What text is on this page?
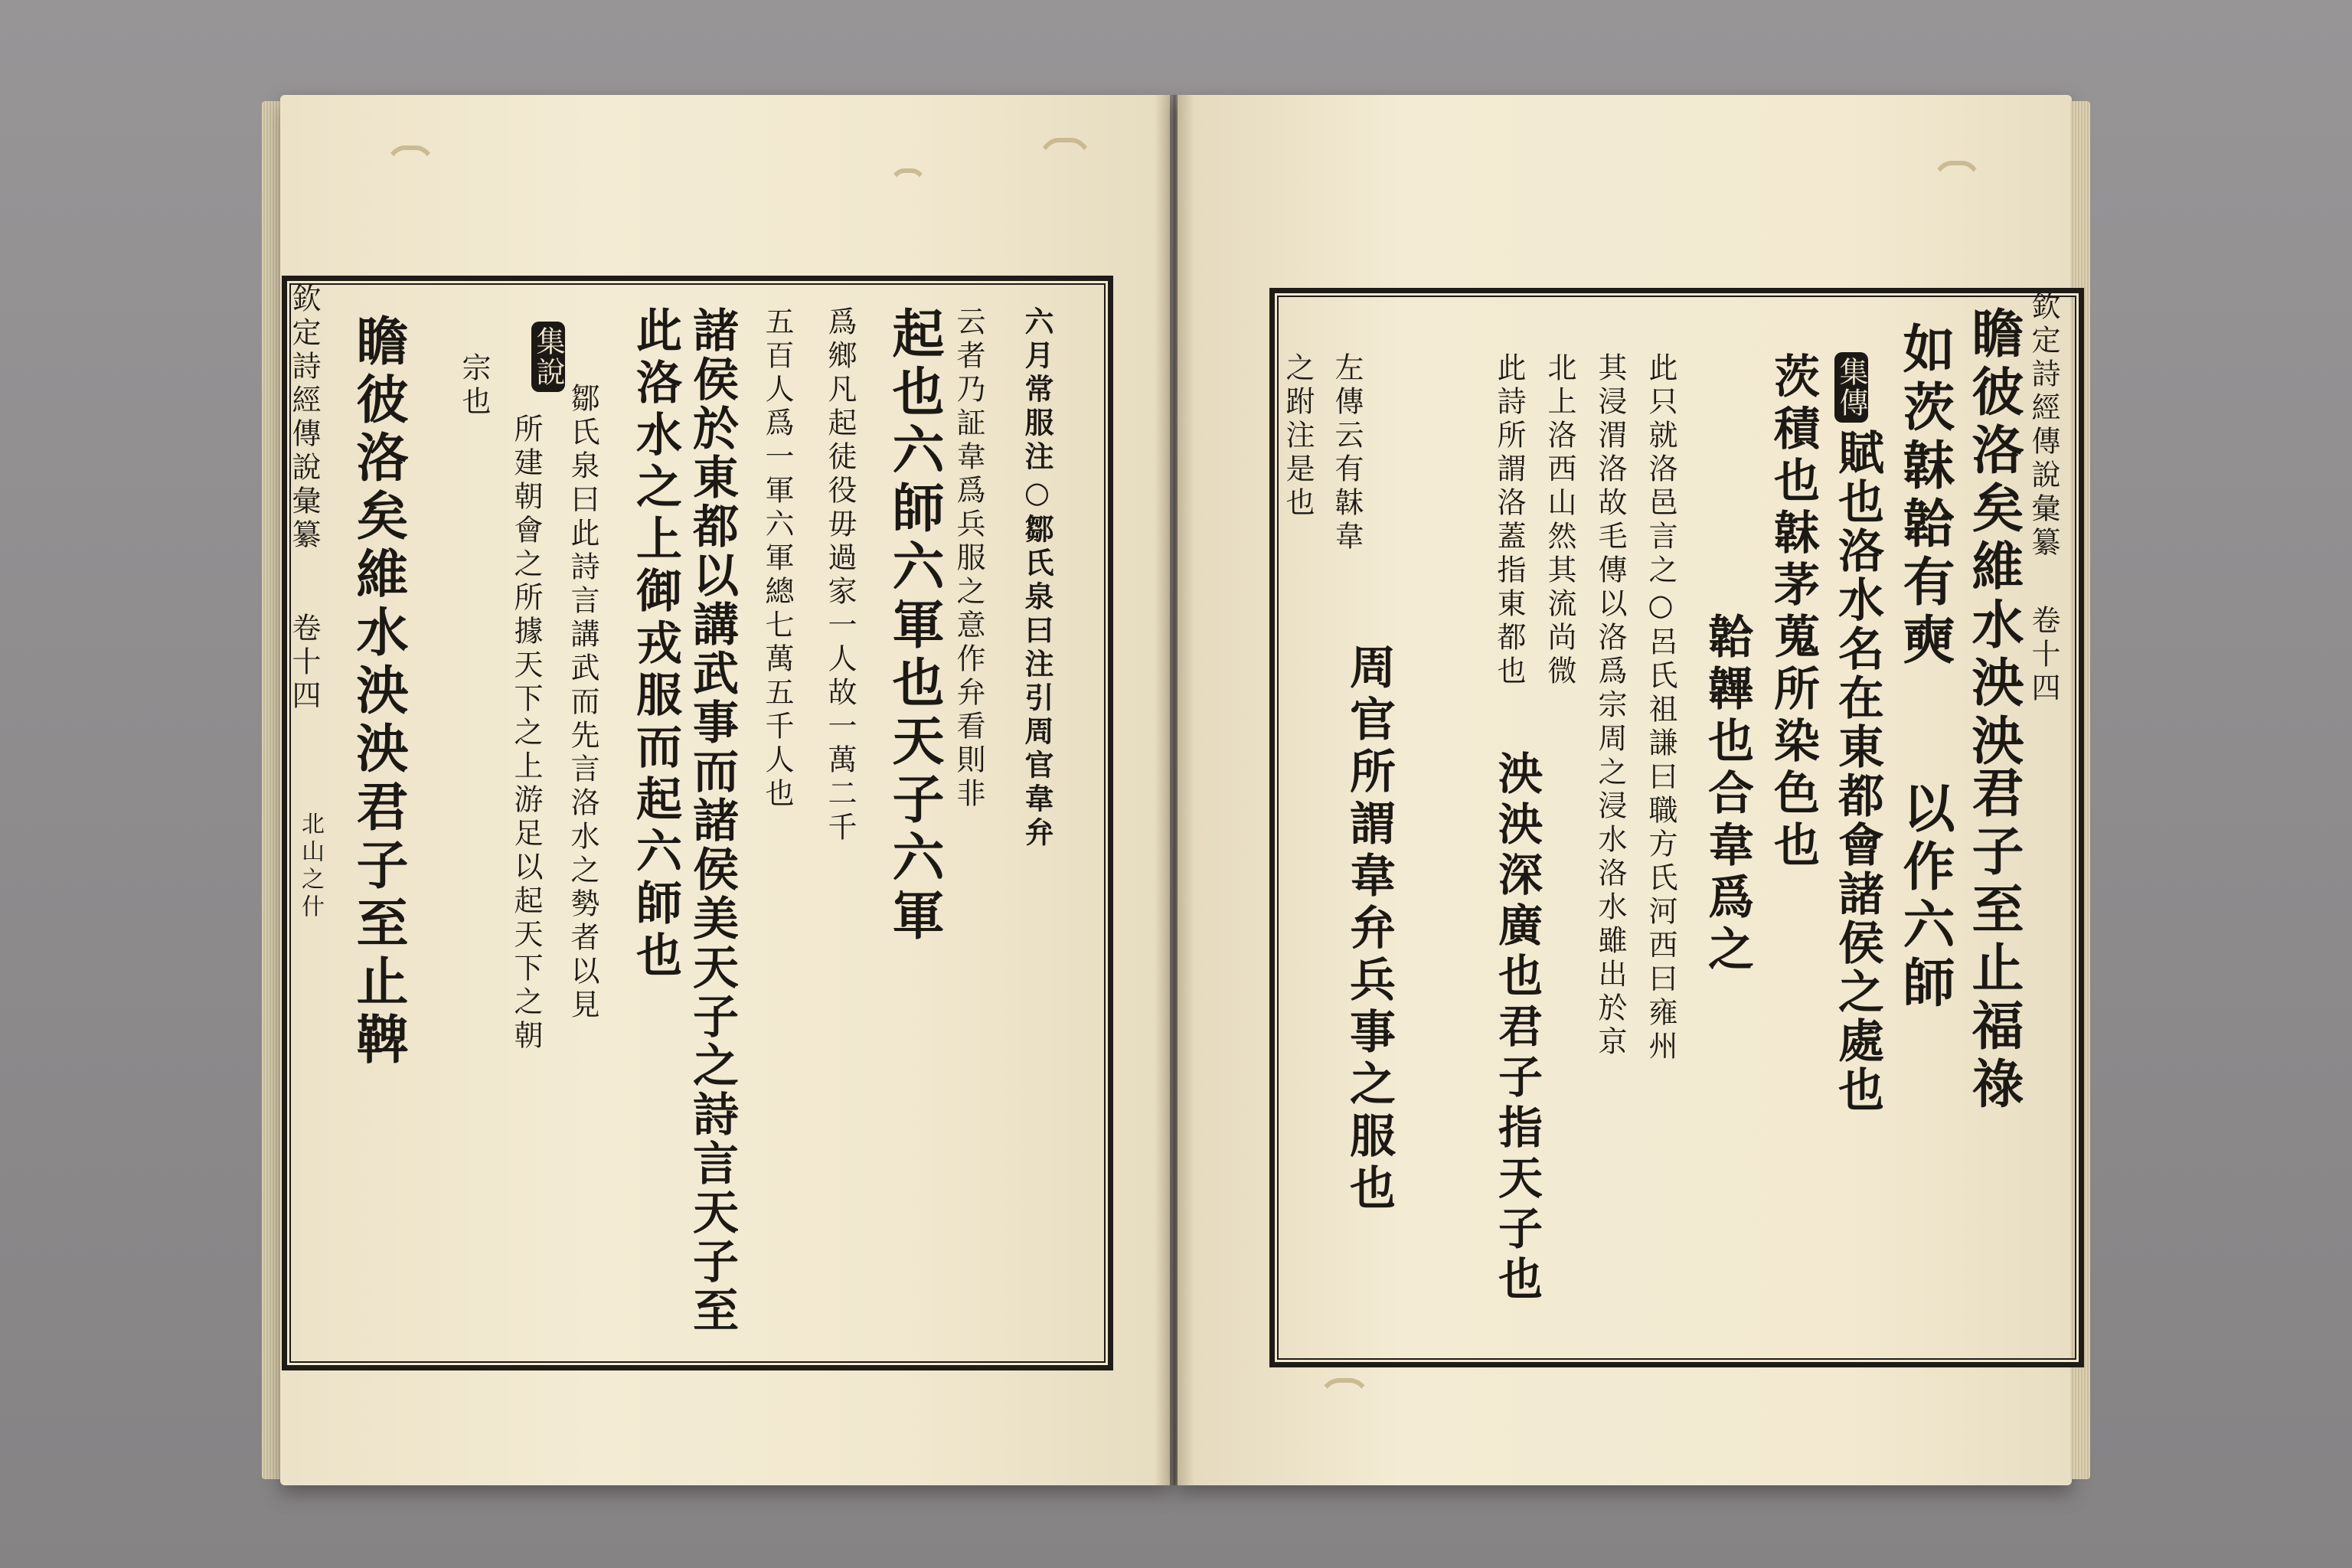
欽定詩經傳說彙纂
卷十四
北山之什
六月常服注○鄒氏泉曰注引周官韋弁
云者乃証韋爲兵服之意作弁看則非
起也六師六軍也天子六軍
爲鄉凡起徒役毋過家一人故一萬二千
五百人爲一軍六軍總七萬五千人也
諸侯於東都以講武事而諸侯美天子之詩言天子至
此洛水之上御戎服而起六師也
集說
鄒氏泉曰此詩言講武而先言洛水之勢者以見
所建朝會之所據天下之上游足以起天下之朝
瞻彼洛矣維水泱泱君子至止鞞 宗也	欽定詩經傳說彙纂
卷十四
瞻彼洛矣維水泱泱
君子至止福祿
如茨韎韐有奭
以作六師
集傳
賦也洛水名在東都會諸侯之處也
茨積也韎茅蒐所染色也
韐韠也合韋爲之
周官所謂韋弁兵事之服也	此只就洛邑言之○呂氏祖謙曰職方氏河西曰雍州
其浸渭洛故毛傳以洛爲宗周之浸水洛水雖出於京
北上洛西山然其流尚微
此詩所謂洛蓋指東都也
泱泱深廣也君子指天子也
左傳云有韎韋
之跗注是也
